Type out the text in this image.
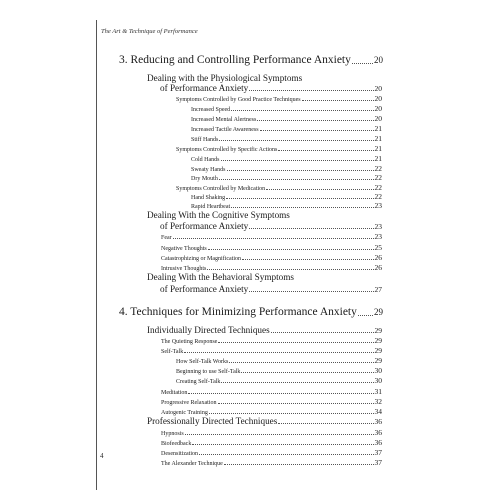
The Art & Technique of Performance
3. Reducing and Controlling Performance Anxiety	20
Dealing with the Physiological Symptoms
of Performance Anxiety	20
Symptoms Controlled by Good Practice Techniques	20
Increased Speed	20
Increased Mental Alertness	20
Increased Tactile Awareness	21
Stiff Hands	21
Symptoms Controlled by Specific Actions	21
Cold Hands	21
Sweaty Hands	22
Dry Mouth	22
Symptoms Controlled by Medication	22
Hand Shaking	22
Rapid Heartbeat	23
Dealing With the Cognitive Symptoms
of Performance Anxiety	23
Fear	23
Negative Thoughts	25
Catastrophizing or Magnification	26
Intrusive Thoughts	26
Dealing With the Behavioral Symptoms
of Performance Anxiety	27
4. Techniques for Minimizing Performance Anxiety 29
Individually Directed Techniques	29
The Quieting Response	29
Self-Talk	29
How Self-Talk Works	29
Beginning to use Self-Talk	30
Creating Self-Talk	30
Meditation	31
Progressive Relaxation	32
Autogenic Training	34
Professionally Directed Techniques	36
Hypnosis	36
Biofeedback	36
Desensitization	37
The Alexander Technique	37
4
